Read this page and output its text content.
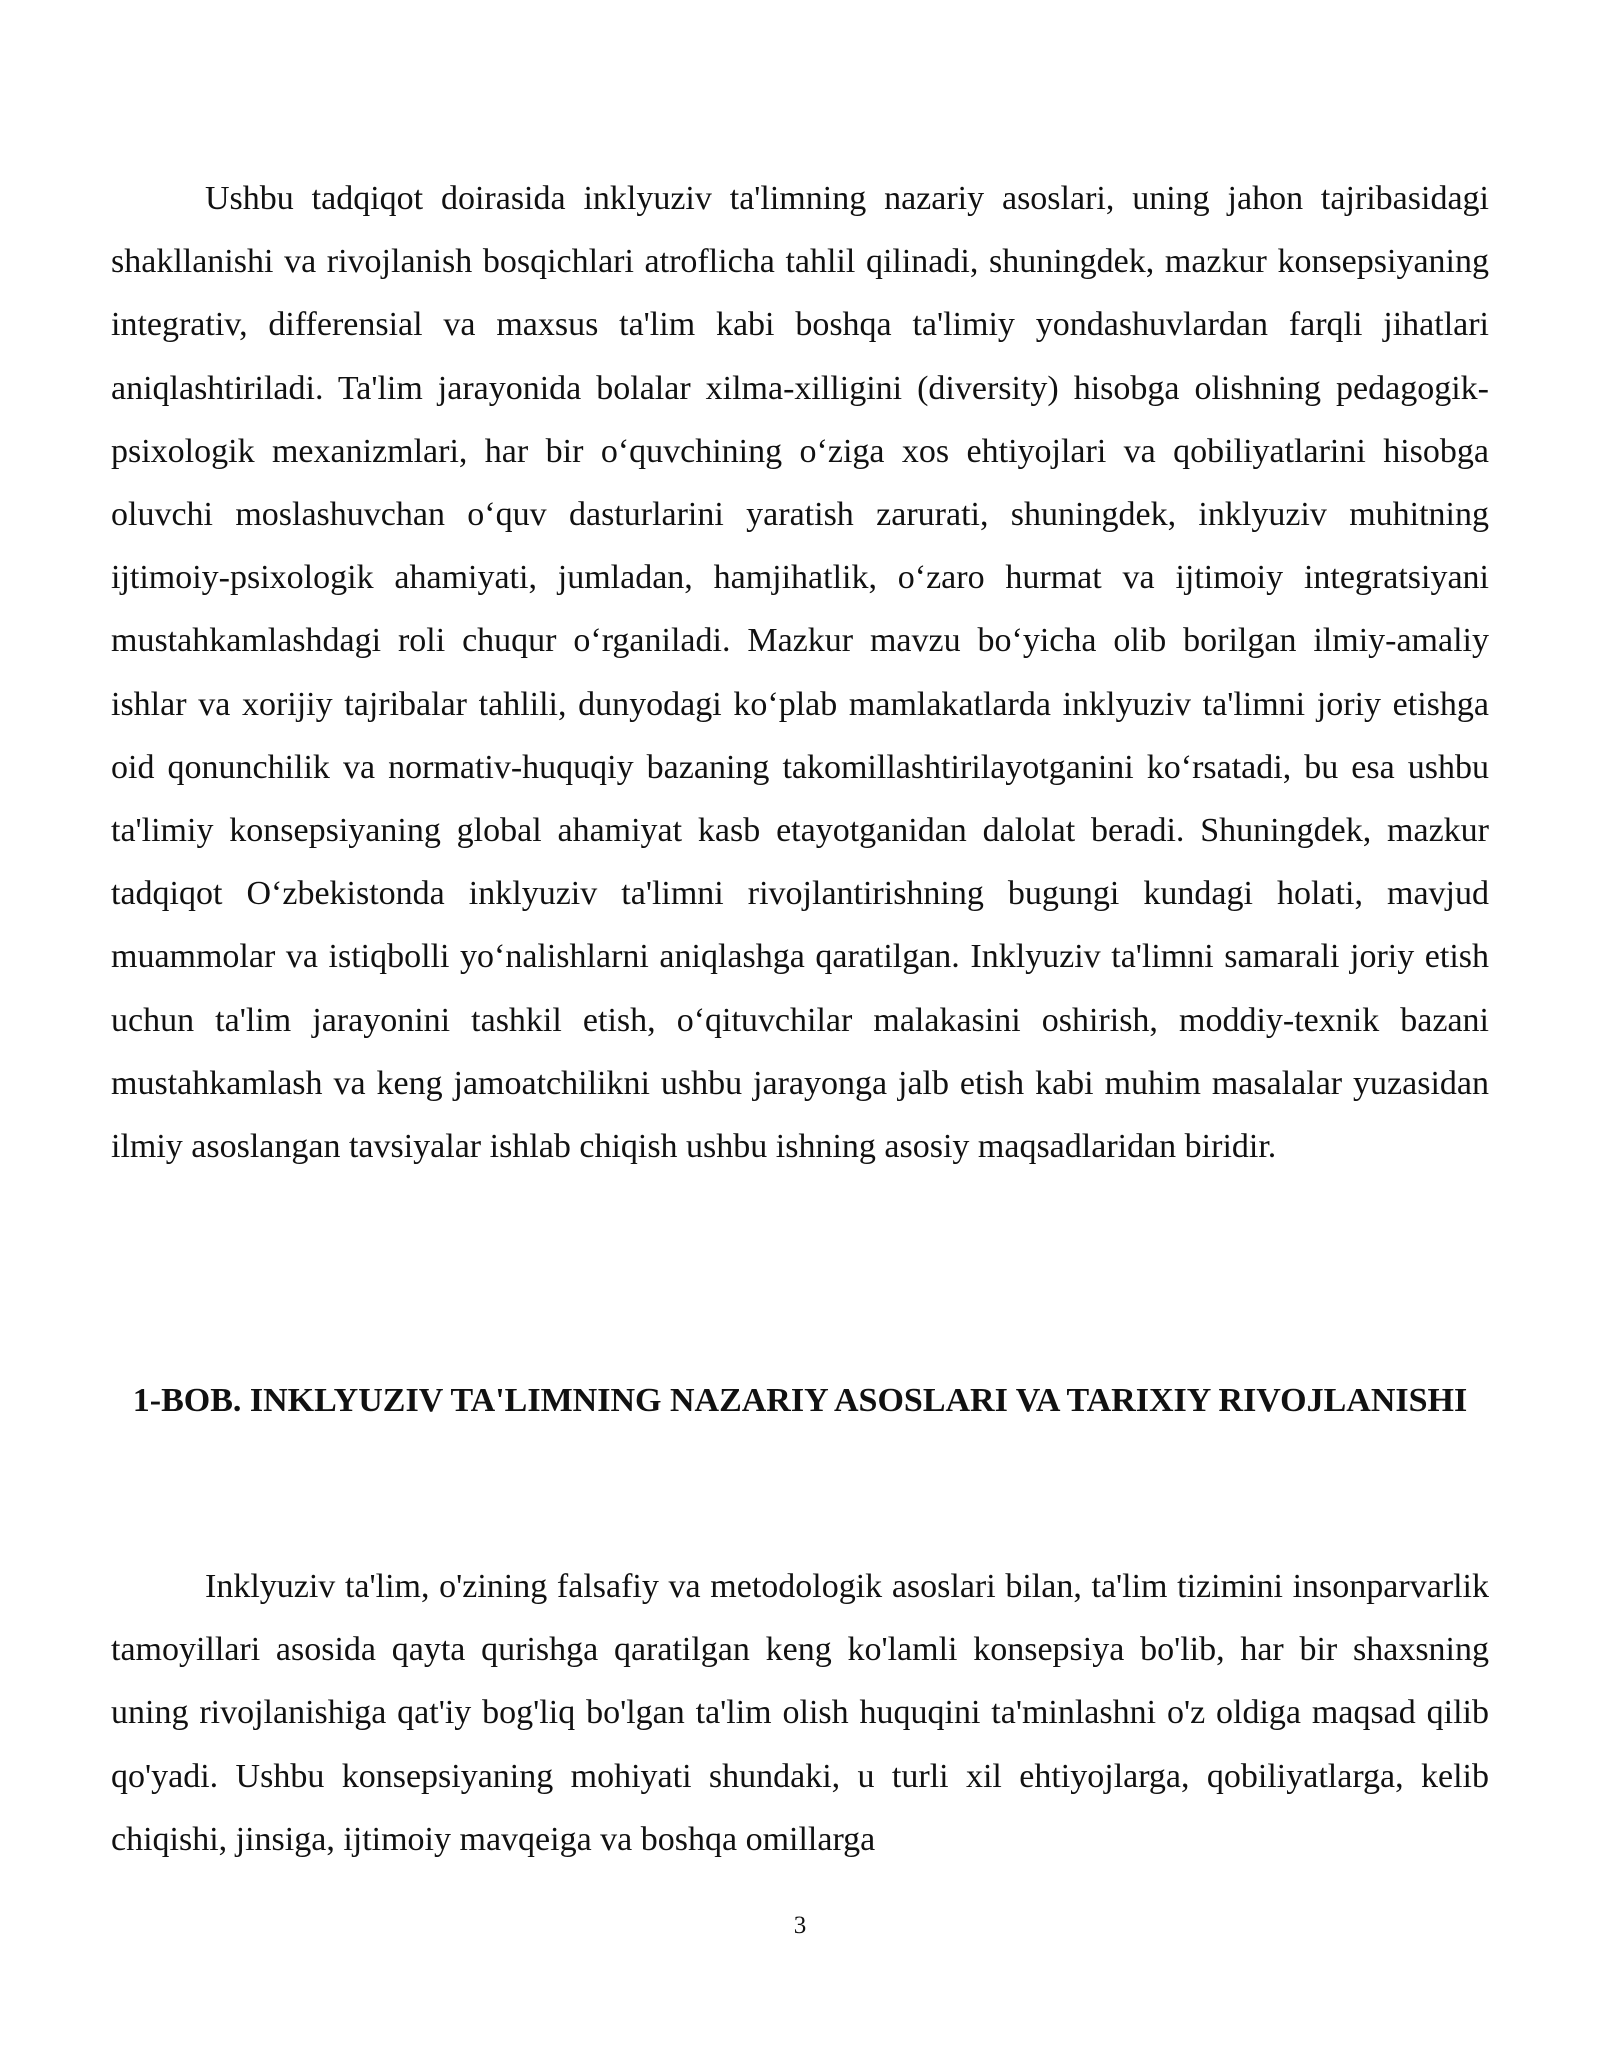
Ushbu tadqiqot doirasida inklyuziv ta'limning nazariy asoslari, uning jahon tajribasidagi shakllanishi va rivojlanish bosqichlari atroflicha tahlil qilinadi, shuningdek, mazkur konsepsiyaning integrativ, differensial va maxsus ta'lim kabi boshqa ta'limiy yondashuvlardan farqli jihatlari aniqlashtiriladi. Ta'lim jarayonida bolalar xilma-xilligini (diversity) hisobga olishning pedagogik-psixologik mexanizmlari, har bir oʻquvchining oʻziga xos ehtiyojlari va qobiliyatlarini hisobga oluvchi moslashuvchan oʻquv dasturlarini yaratish zarurati, shuningdek, inklyuziv muhitning ijtimoiy-psixologik ahamiyati, jumladan, hamjihatlik, oʻzaro hurmat va ijtimoiy integratsiyani mustahkamlashdagi roli chuqur oʻrganiladi. Mazkur mavzu boʻyicha olib borilgan ilmiy-amaliy ishlar va xorijiy tajribalar tahlili, dunyodagi koʻplab mamlakatlarda inklyuziv ta'limni joriy etishga oid qonunchilik va normativ-huquqiy bazaning takomillashtirilayotganini koʻrsatadi, bu esa ushbu ta'limiy konsepsiyaning global ahamiyat kasb etayotganidan dalolat beradi. Shuningdek, mazkur tadqiqot Oʻzbekistonda inklyuziv ta'limni rivojlantirishning bugungi kundagi holati, mavjud muammolar va istiqbolli yoʻnalishlarni aniqlashga qaratilgan. Inklyuziv ta'limni samarali joriy etish uchun ta'lim jarayonini tashkil etish, oʻqituvchilar malakasini oshirish, moddiy-texnik bazani mustahkamlash va keng jamoatchilikni ushbu jarayonga jalb etish kabi muhim masalalar yuzasidan ilmiy asoslangan tavsiyalar ishlab chiqish ushbu ishning asosiy maqsadlaridan biridir.

1-BOB. INKLYUZIV TA'LIMNING NAZARIY ASOSLARI VA TARIXIY RIVOJLANISHI

Inklyuziv ta'lim, o'zining falsafiy va metodologik asoslari bilan, ta'lim tizimini insonparvarlik tamoyillari asosida qayta qurishga qaratilgan keng ko'lamli konsepsiya bo'lib, har bir shaxsning uning rivojlanishiga qat'iy bog'liq bo'lgan ta'lim olish huquqini ta'minlashni o'z oldiga maqsad qilib qo'yadi. Ushbu konsepsiyaning mohiyati shundaki, u turli xil ehtiyojlarga, qobiliyatlarga, kelib chiqishi, jinsiga, ijtimoiy mavqeiga va boshqa omillarga

3
